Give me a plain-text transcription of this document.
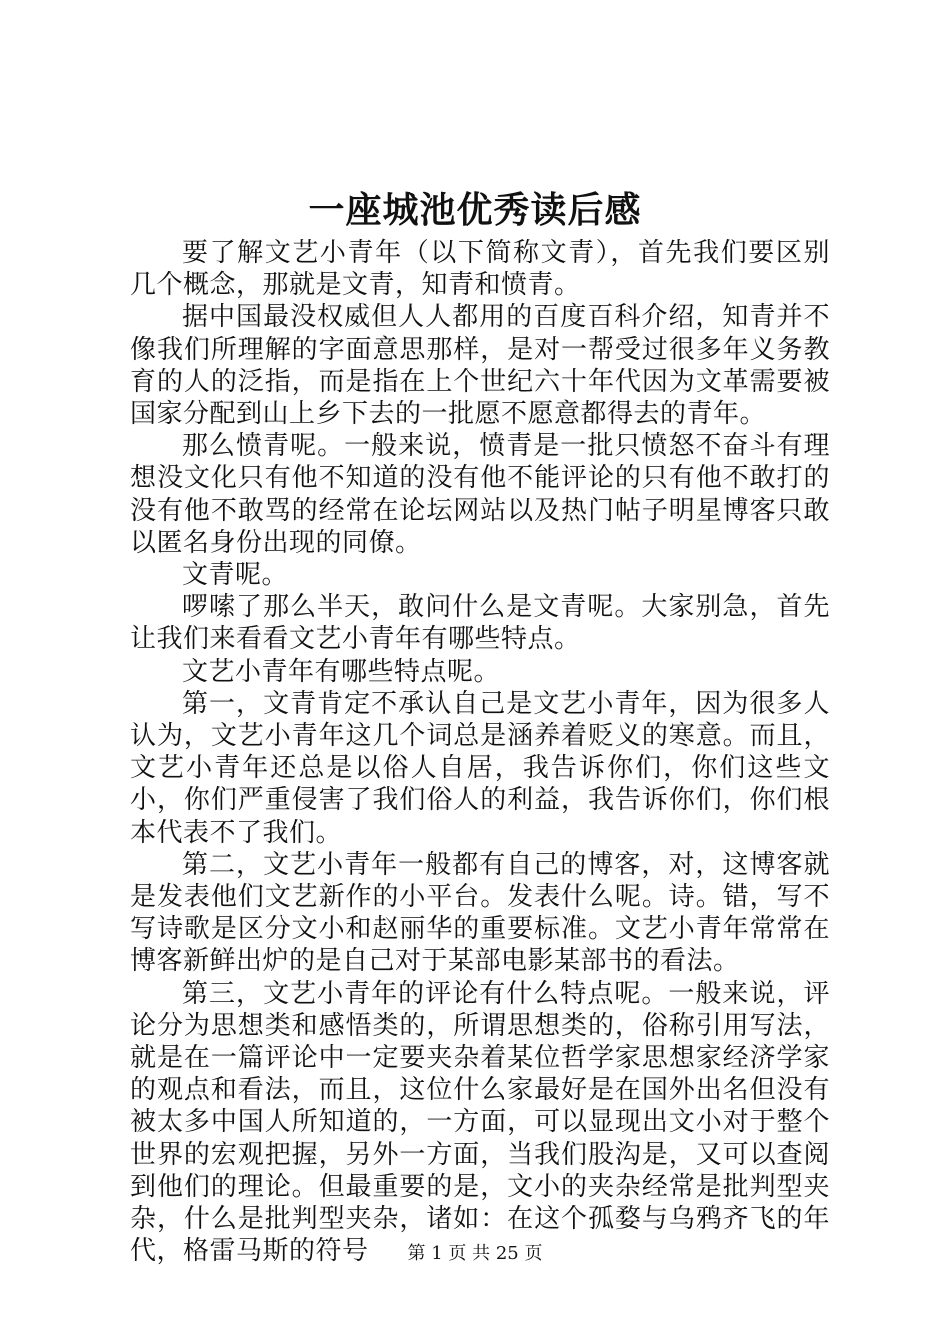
一座城池优秀读后感

要了解文艺小青年（以下简称文青），首先我们要区别几个概念，那就是文青，知青和愤青。

据中国最没权威但人人都用的百度百科介绍，知青并不像我们所理解的字面意思那样，是对一帮受过很多年义务教育的人的泛指，而是指在上个世纪六十年代因为文革需要被国家分配到山上乡下去的一批愿不愿意都得去的青年。

那么愤青呢。一般来说，愤青是一批只愤怒不奋斗有理想没文化只有他不知道的没有他不能评论的只有他不敢打的没有他不敢骂的经常在论坛网站以及热门帖子明星博客只敢以匿名身份出现的同僚。

文青呢。

啰嗦了那么半天，敢问什么是文青呢。大家别急，首先让我们来看看文艺小青年有哪些特点。

文艺小青年有哪些特点呢。

第一，文青肯定不承认自己是文艺小青年，因为很多人认为，文艺小青年这几个词总是涵养着贬义的寒意。而且，文艺小青年还总是以俗人自居，我告诉你们，你们这些文小，你们严重侵害了我们俗人的利益，我告诉你们，你们根本代表不了我们。

第二，文艺小青年一般都有自己的博客，对，这博客就是发表他们文艺新作的小平台。发表什么呢。诗。错，写不写诗歌是区分文小和赵丽华的重要标准。文艺小青年常常在博客新鲜出炉的是自己对于某部电影某部书的看法。

第三，文艺小青年的评论有什么特点呢。一般来说，评论分为思想类和感悟类的，所谓思想类的，俗称引用写法，就是在一篇评论中一定要夹杂着某位哲学家思想家经济学家的观点和看法，而且，这位什么家最好是在国外出名但没有被太多中国人所知道的，一方面，可以显现出文小对于整个世界的宏观把握，另外一方面，当我们股沟是，又可以查阅到他们的理论。但最重要的是，文小的夹杂经常是批判型夹杂，什么是批判型夹杂，诸如：在这个孤婺与乌鸦齐飞的年代，格雷马斯的符号	第 1 页 共 25 页
